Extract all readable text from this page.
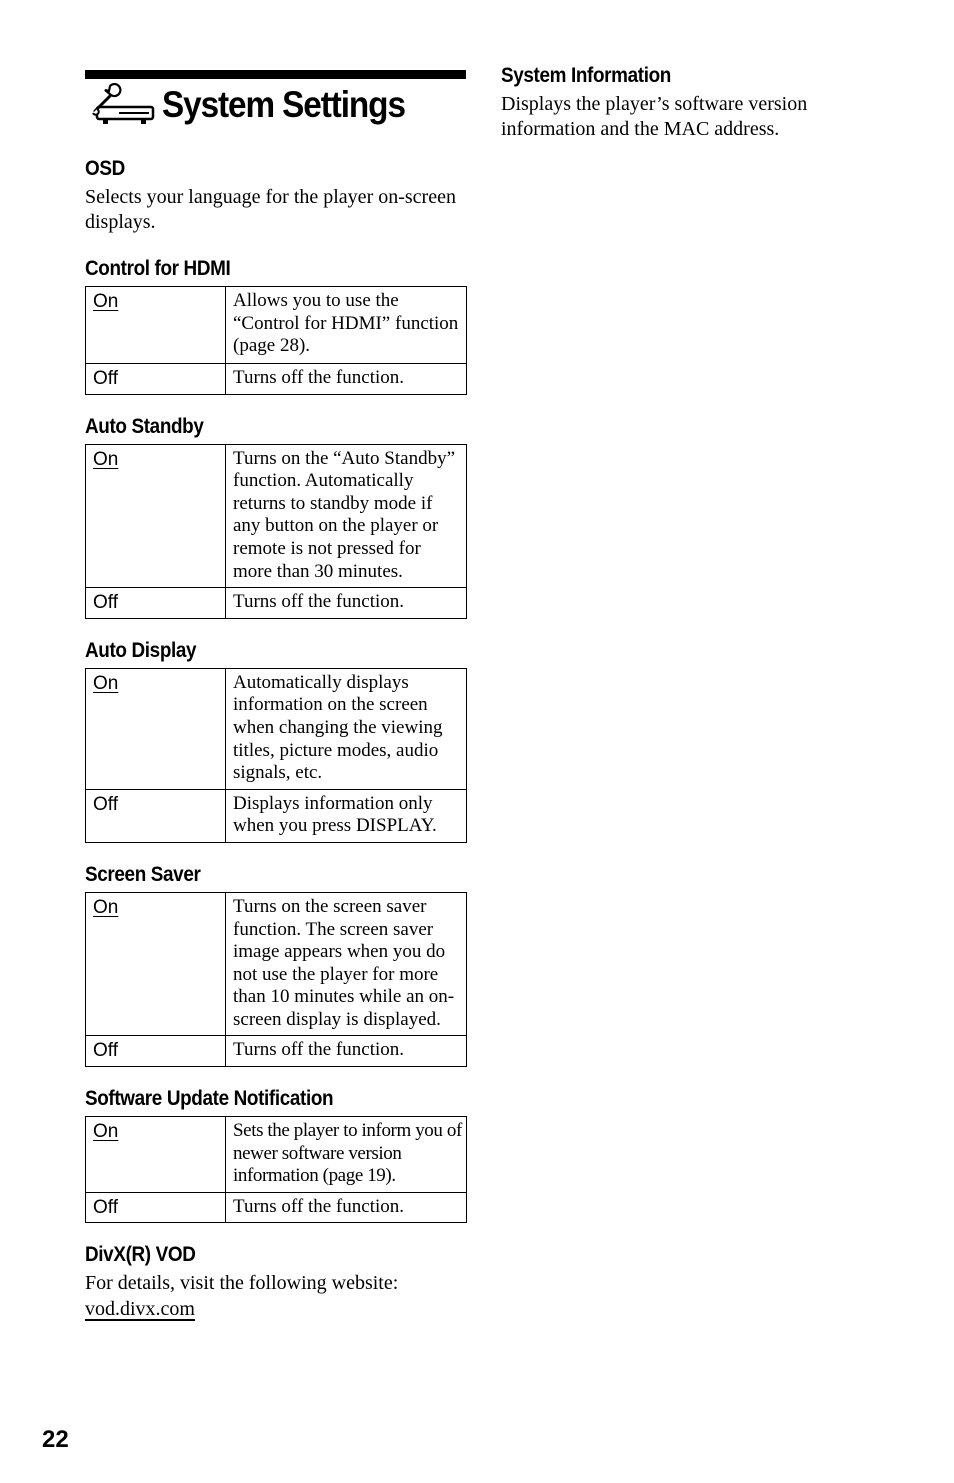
System Settings
OSD

Selects your language for the player on-screen displays.

Control for HDMI
On	Allows you to use the “Control for HDMI” function (page 28).
Off	Turns off the function.
Auto Standby
On	Turns on the “Auto Standby” function. Automatically returns to standby mode if any button on the player or remote is not pressed for more than 30 minutes.
Off	Turns off the function.
Auto Display
On	Automatically displays information on the screen when changing the viewing titles, picture modes, audio signals, etc.
Off	Displays information only when you press DISPLAY.
Screen Saver
On	Turns on the screen saver function. The screen saver image appears when you do not use the player for more than 10 minutes while an on-screen display is displayed.
Off	Turns off the function.
Software Update Notification
On	Sets the player to inform you of newer software version information (page 19).
Off	Turns off the function.
DivX(R) VOD

For details, visit the following website:

vod.divx.com
System Information

Displays the player’s software version information and the MAC address.

22
